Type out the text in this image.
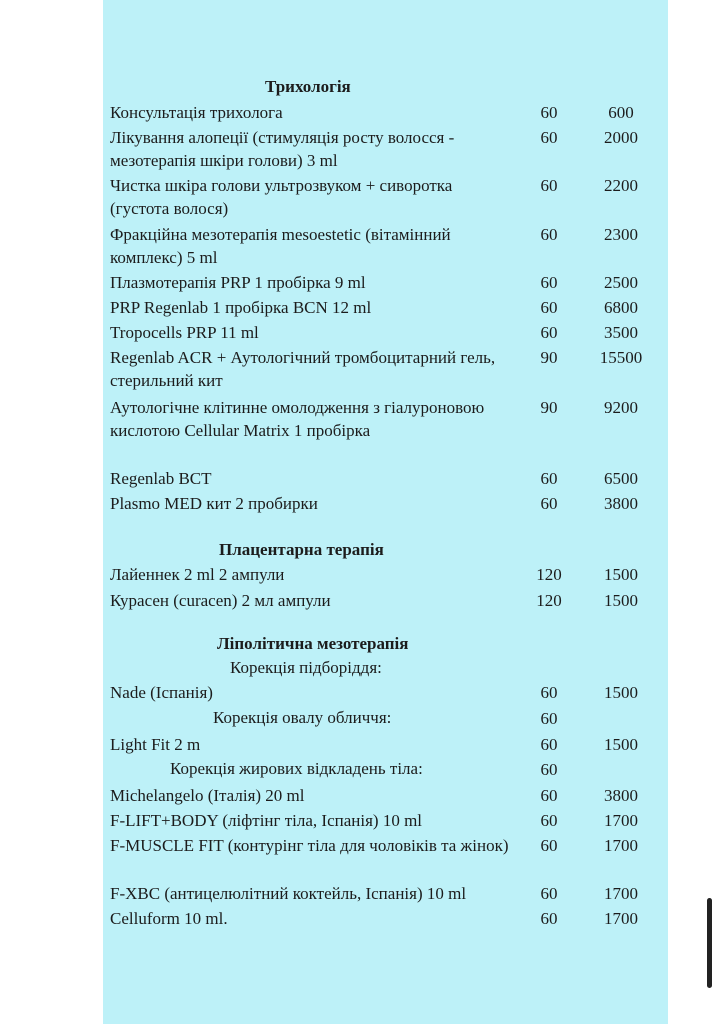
Трихологія
Консультація трихолога	60	600
Лікування алопеції (стимуляція росту волосся - мезотерапія шкіри голови) 3 ml
60	2000
Чистка шкіра голови ультрозвуком + сиворотка (густота волося)
60	2200
Фракційна мезотерапія mesoestetic (вітамінний комплекс) 5 ml
60	2300
Плазмотерапія PRP 1 пробірка 9 ml	60	2500
PRP Regenlab 1 пробірка BCN 12 ml	60	6800
Tropocells PRP 11 ml	60	3500
Regenlab ACR + Аутологічний тромбоцитарний гель, стерильний кит
90	15500
Аутологічне клітинне омолодження з гіалуроновою кислотою Cellular Matrix 1 пробірка
90	9200
Regenlab BCT	60	6500
Plasmo MED кит 2 пробирки	60	3800
Плацентарна терапія
Лайеннек 2 ml 2 ампули	120	1500
Курасен (curacen) 2 мл ампули	120	1500
Ліполітична мезотерапія
Корекція підборіддя:
Nade (Іспанія)	60	1500
Корекція овалу обличчя:	60
Light Fit 2 m	60	1500
Корекція жирових відкладень тіла:	60
Michelangelo (Італія) 20 ml	60	3800
F-LIFT+BODY (ліфтінг тіла, Іспанія) 10 ml	60	1700
F-MUSCLE FIT (контурінг тіла для чоловіків та жінок)	60	1700
F-XBC (антицелюлітний коктейль, Іспанія) 10 ml	60	1700
Celluform 10 ml.	60	1700
